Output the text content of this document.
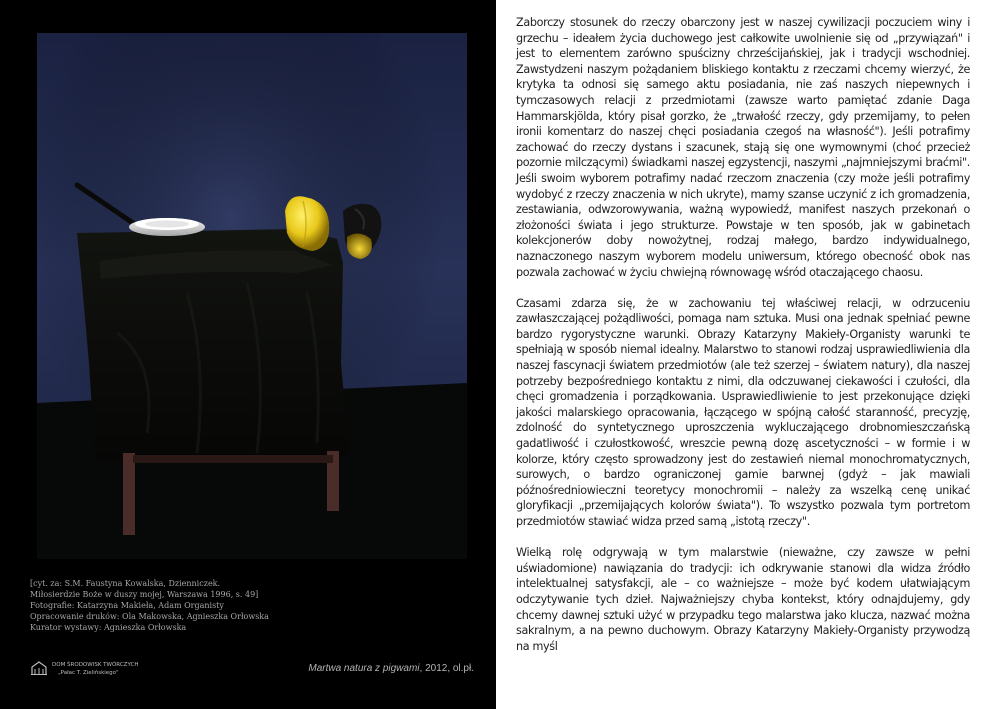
[cyt. za: S.M. Faustyna Kowalska, Dzienniczek.
Miłosierdzie Boże w duszy mojej, Warszawa 1996, s. 49]
Fotografie: Katarzyna Makieła, Adam Organisty
Opracowanie druków: Ola Makowska, Agnieszka Orłowska
Kurator wystawy: Agnieszka Orłowska
DOM ŚRODOWISK TWÓRCZYCH
„Pałac T. Zielińskiego"	Martwa natura z pigwami, 2012, ol.pł.

Zaborczy stosunek do rzeczy obarczony jest w naszej cywilizacji poczuciem winy i grzechu – ideałem życia duchowego jest całkowite uwolnienie się od „przywiązań" i jest to elementem zarówno spuścizny chrześcijańskiej, jak i tradycji wschodniej. Zawstydzeni naszym pożądaniem bliskiego kontaktu z rzeczami chcemy wierzyć, że krytyka ta odnosi się samego aktu posiadania, nie zaś naszych niepewnych i tymczasowych relacji z przedmiotami (zawsze warto pamiętać zdanie Daga Hammarskjölda, który pisał gorzko, że „trwałość rzeczy, gdy przemijamy, to pełen ironii komentarz do naszej chęci posiadania czegoś na własność"). Jeśli potrafimy zachować do rzeczy dystans i szacunek, stają się one wymownymi (choć przecież pozornie milczącymi) świadkami naszej egzystencji, naszymi „najmniejszymi braćmi". Jeśli swoim wyborem potrafimy nadać rzeczom znaczenia (czy może jeśli potrafimy wydobyć z rzeczy znaczenia w nich ukryte), mamy szanse uczynić z ich gromadzenia, zestawiania, odwzorowywania, ważną wypowiedź, manifest naszych przekonań o złożoności świata i jego strukturze. Powstaje w ten sposób, jak w gabinetach kolekcjonerów doby nowożytnej, rodzaj małego, bardzo indywidualnego, naznaczonego naszym wyborem modelu uniwersum, którego obecność obok nas pozwala zachować w życiu chwiejną równowagę wśród otaczającego chaosu.

Czasami zdarza się, że w zachowaniu tej właściwej relacji, w odrzuceniu zawłaszczającej pożądliwości, pomaga nam sztuka. Musi ona jednak spełniać pewne bardzo rygorystyczne warunki. Obrazy Katarzyny Makieły-Organisty warunki te spełniają w sposób niemal idealny. Malarstwo to stanowi rodzaj usprawiedliwienia dla naszej fascynacji światem przedmiotów (ale też szerzej – światem natury), dla naszej potrzeby bezpośredniego kontaktu z nimi, dla odczuwanej ciekawości i czułości, dla chęci gromadzenia i porządkowania. Usprawiedliwienie to jest przekonujące dzięki jakości malarskiego opracowania, łączącego w spójną całość staranność, precyzję, zdolność do syntetycznego uproszczenia wykluczającego drobnomieszczańską gadatliwość i czułostkowość, wreszcie pewną dozę ascetyczności – w formie i w kolorze, który często sprowadzony jest do zestawień niemal monochromatycznych, surowych, o bardzo ograniczonej gamie barwnej (gdyż – jak mawiali późnośredniowieczni teoretycy monochromii – należy za wszelką cenę unikać gloryfikacji „przemijających kolorów świata"). To wszystko pozwala tym portretom przedmiotów stawiać widza przed samą „istotą rzeczy".

Wielką rolę odgrywają w tym malarstwie (nieważne, czy zawsze w pełni uświadomione) nawiązania do tradycji: ich odkrywanie stanowi dla widza źródło intelektualnej satysfakcji, ale – co ważniejsze – może być kodem ułatwiającym odczytywanie tych dzieł. Najważniejszy chyba kontekst, który odnajdujemy, gdy chcemy dawnej sztuki użyć w przypadku tego malarstwa jako klucza, nazwać można sakralnym, a na pewno duchowym. Obrazy Katarzyny Makieły-Organisty przywodzą na myśl
